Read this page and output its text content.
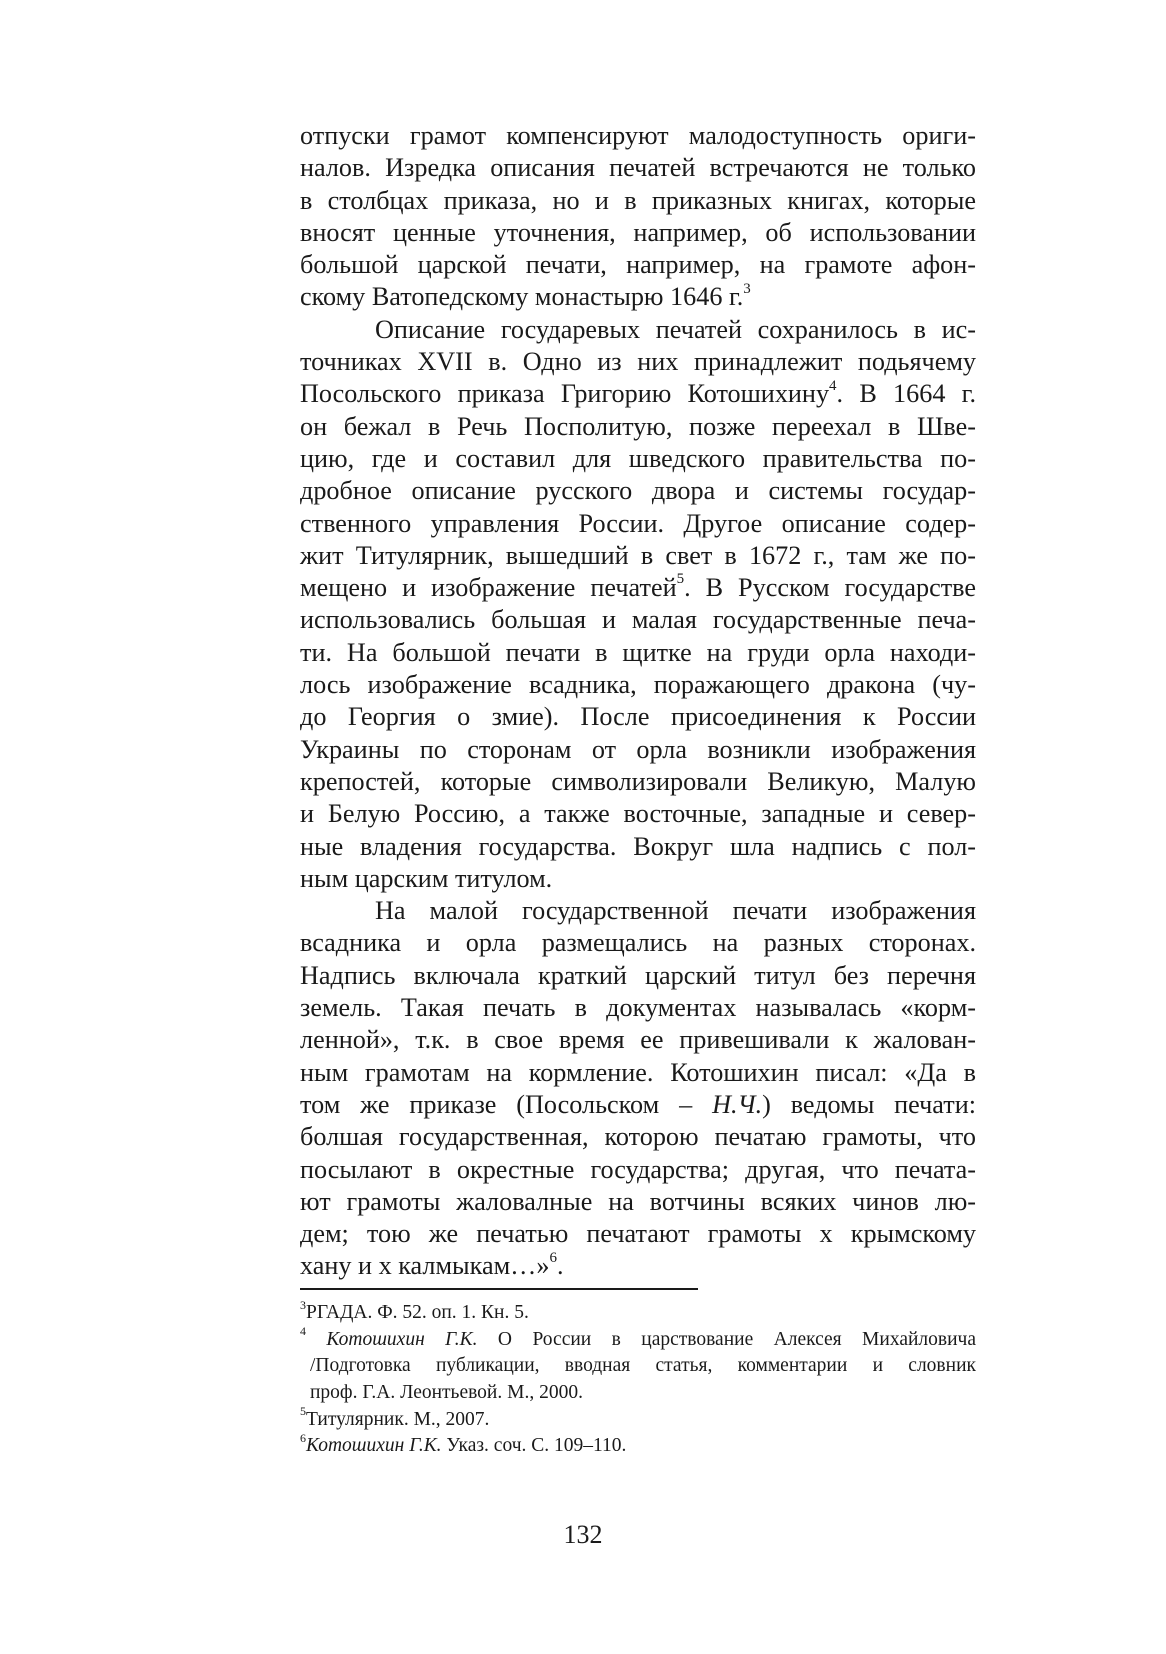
отпуски грамот компенсируют малодоступность ориги-
налов. Изредка описания печатей встречаются не только
в столбцах приказа, но и в приказных книгах, которые
вносят ценные уточнения, например, об использовании
большой царской печати, например, на грамоте афон-
скому Ватопедскому монастырю 1646 г.$^3$
Описание государевых печатей сохранилось в ис-
точниках XVII в. Одно из них принадлежит подьячему
Посольского приказа Григорию Котошихину$^4$. В 1664 г.
он бежал в Речь Посполитую, позже переехал в Шве-
цию, где и составил для шведского правительства по-
дробное описание русского двора и системы государ-
ственного управления России. Другое описание содер-
жит Титулярник, вышедший в свет в 1672 г., там же по-
мещено и изображение печатей$^5$. В Русском государстве
использовались большая и малая государственные печа-
ти. На большой печати в щитке на груди орла находи-
лось изображение всадника, поражающего дракона (чу-
до Георгия о змие). После присоединения к России
Украины по сторонам от орла возникли изображения
крепостей, которые символизировали Великую, Малую
и Белую Россию, а также восточные, западные и север-
ные владения государства. Вокруг шла надпись с пол-
ным царским титулом.
На малой государственной печати изображения
всадника и орла размещались на разных сторонах.
Надпись включала краткий царский титул без перечня
земель. Такая печать в документах называлась «корм-
ленной», т.к. в свое время ее привешивали к жалован-
ным грамотам на кормление. Котошихин писал: «Да в
том же приказе (Посольском – Н.Ч.) ведомы печати:
болшая государственная, которою печатаю грамоты, что
посылают в окрестные государства; другая, что печата-
ют грамоты жаловалные на вотчины всяких чинов лю-
дем; тою же печатью печатают грамоты х крымскому
хану и х калмыкам…»$^6$.
$^3$РГАДА. Ф. 52. оп. 1. Кн. 5.
$^4$ Котошихин Г.К. О России в царствование Алексея Михайловича
/Подготовка публикации, вводная статья, комментарии и словник
проф. Г.А. Леонтьевой. М., 2000.
$^5$Титулярник. М., 2007.
$^6$Котошихин Г.К. Указ. соч. С. 109–110.
132
